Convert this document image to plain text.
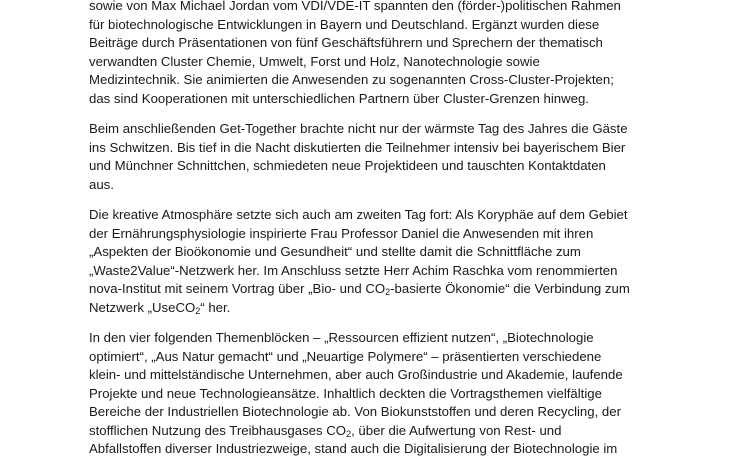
sowie von Max Michael Jordan vom VDI/VDE-IT spannten den (förder-)politischen Rahmen
für biotechnologische Entwicklungen in Bayern und Deutschland. Ergänzt wurden diese
Beiträge durch Präsentationen von fünf Geschäftsführern und Sprechern der thematisch
verwandten Cluster Chemie, Umwelt, Forst und Holz, Nanotechnologie sowie
Medizintechnik. Sie animierten die Anwesenden zu sogenannten Cross-Cluster-Projekten;
das sind Kooperationen mit unterschiedlichen Partnern über Cluster-Grenzen hinweg.

Beim anschließenden Get-Together brachte nicht nur der wärmste Tag des Jahres die Gäste
ins Schwitzen. Bis tief in die Nacht diskutierten die Teilnehmer intensiv bei bayerischem Bier
und Münchner Schnittchen, schmiedeten neue Projektideen und tauschten Kontaktdaten
aus.

Die kreative Atmosphäre setzte sich auch am zweiten Tag fort: Als Koryphäe auf dem Gebiet
der Ernährungsphysiologie inspirierte Frau Professor Daniel die Anwesenden mit ihren
„Aspekten der Bioökonomie und Gesundheit“ und stellte damit die Schnittfläche zum
„Waste2Value“-Netzwerk her. Im Anschluss setzte Herr Achim Raschka vom renommierten
nova-Institut mit seinem Vortrag über „Bio- und $CO_2$-basierte Ökonomie“ die Verbindung zum
Netzwerk „UseCO$_2$“ her.

In den vier folgenden Themenblöcken – „Ressourcen effizient nutzen“, „Biotechnologie
optimiert“, „Aus Natur gemacht“ und „Neuartige Polymere“ – präsentierten verschiedene
klein- und mittelständische Unternehmen, aber auch Großindustrie und Akademie, laufende
Projekte und neue Technologieansätze. Inhaltlich deckten die Vortragsthemen vielfältige
Bereiche der Industriellen Biotechnologie ab. Von Biokunststoffen und deren Recycling, der
stofflichen Nutzung des Treibhausgases $CO_2$, über die Aufwertung von Rest- und
Abfallstoffen diverser Industriezweige, stand auch die Digitalisierung der Biotechnologie im
